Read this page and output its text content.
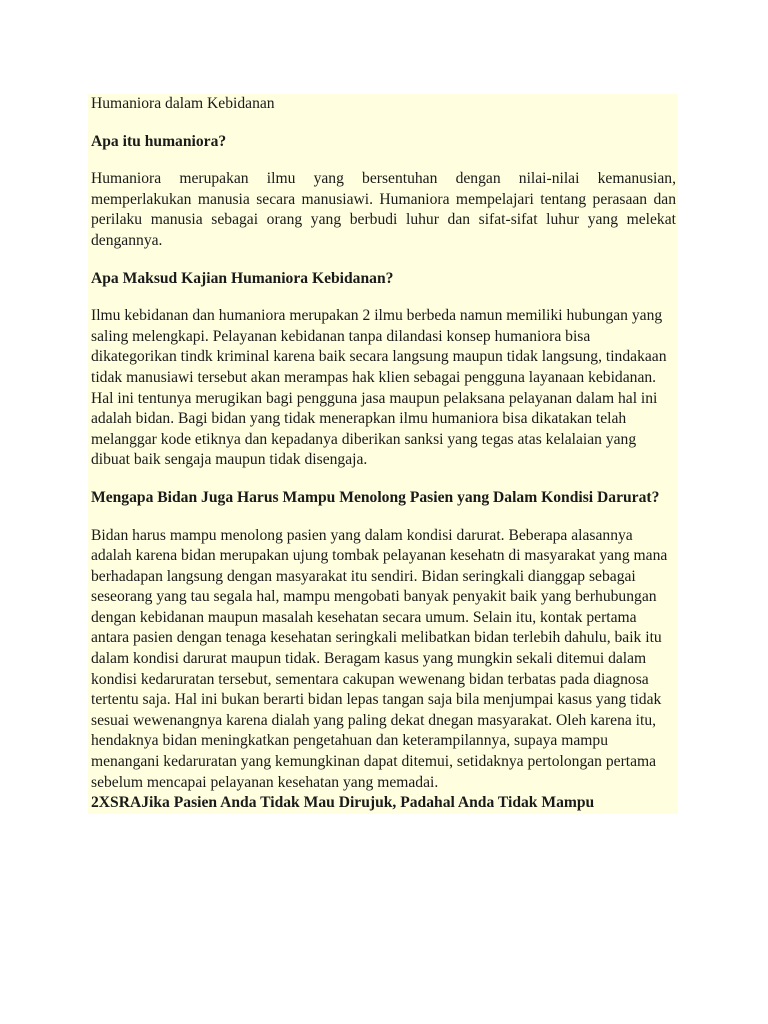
Humaniora dalam Kebidanan

Apa itu humaniora?

Humaniora merupakan ilmu yang bersentuhan dengan nilai-nilai kemanusian, memperlakukan manusia secara manusiawi. Humaniora mempelajari tentang perasaan dan perilaku manusia sebagai orang yang berbudi luhur dan sifat-sifat luhur yang melekat dengannya.

Apa Maksud Kajian Humaniora Kebidanan?

Ilmu kebidanan dan humaniora merupakan 2 ilmu berbeda namun memiliki hubungan yang saling melengkapi. Pelayanan kebidanan tanpa dilandasi konsep humaniora bisa dikategorikan tindk kriminal karena baik secara langsung maupun tidak langsung, tindakaan tidak manusiawi tersebut akan merampas hak klien sebagai pengguna layanaan kebidanan. Hal ini tentunya merugikan bagi pengguna jasa maupun pelaksana pelayanan dalam hal ini adalah bidan. Bagi bidan yang tidak menerapkan ilmu humaniora bisa dikatakan telah melanggar kode etiknya dan kepadanya diberikan sanksi yang tegas atas kelalaian yang dibuat baik sengaja maupun tidak disengaja.

Mengapa Bidan Juga Harus Mampu Menolong Pasien yang Dalam Kondisi Darurat?

Bidan harus mampu menolong pasien yang dalam kondisi darurat. Beberapa alasannya adalah karena bidan merupakan ujung tombak pelayanan kesehatn di masyarakat yang mana berhadapan langsung dengan masyarakat itu sendiri. Bidan seringkali dianggap sebagai seseorang yang tau segala hal, mampu mengobati banyak penyakit baik yang berhubungan dengan kebidanan maupun masalah kesehatan secara umum. Selain itu, kontak pertama antara pasien dengan tenaga kesehatan seringkali melibatkan bidan terlebih dahulu, baik itu dalam kondisi darurat maupun tidak. Beragam kasus yang mungkin sekali ditemui dalam kondisi kedaruratan tersebut, sementara cakupan wewenang bidan terbatas pada diagnosa tertentu saja. Hal ini bukan berarti bidan lepas tangan saja bila menjumpai kasus yang tidak sesuai wewenangnya karena dialah yang paling dekat dnegan masyarakat. Oleh karena itu, hendaknya bidan meningkatkan pengetahuan dan keterampilannya, supaya mampu menangani kedaruratan yang kemungkinan dapat ditemui, setidaknya pertolongan pertama sebelum mencapai pelayanan kesehatan yang memadai.

2XSRAJika Pasien Anda Tidak Mau Dirujuk, Padahal Anda Tidak Mampu
